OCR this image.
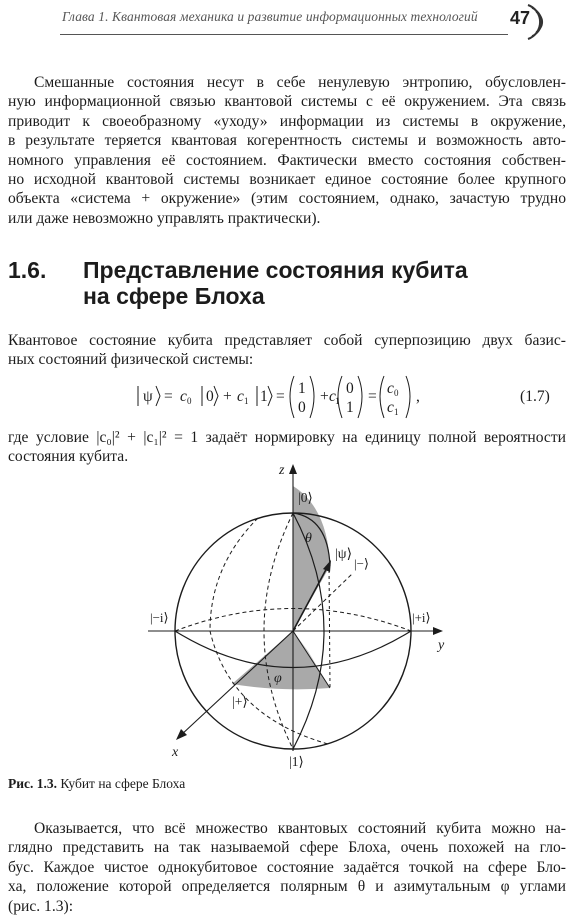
Глава 1. Квантовая механика и развитие информационных технологий	47
Смешанные состояния несут в себе ненулевую энтропию, обусловлен-
ную информационной связью квантовой системы с её окружением. Эта связь
приводит к своеобразному «уходу» информации из системы в окружение,
в результате теряется квантовая когерентность системы и возможность авто-
номного управления её состоянием. Фактически вместо состояния собствен-
но исходной квантовой системы возникает единое состояние более крупного
объекта «система + окружение» (этим состоянием, однако, зачастую трудно
или даже невозможно управлять практически).
1.6. Представление состояния кубита
на сфере Блоха
Квантовое состояние кубита представляет собой суперпозицию двух базис-
ных состояний физической системы:
ψ = c 0 0 + c 1 1 = 1
0
+ c 1
0
1
= c 0
c 1
,	(1.7)
где условие |c₀|² + |c₁|² = 1 задаёт нормировку на единицу полной вероятности
состояния кубита.
z
y
x
|0⟩
|1⟩
|+⟩
|−⟩
|+i⟩
|−i⟩
|ψ⟩
θ
φ
Рис. 1.3. Кубит на сфере Блоха
Оказывается, что всё множество квантовых состояний кубита можно на-
глядно представить на так называемой сфере Блоха, очень похожей на гло-
бус. Каждое чистое однокубитовое состояние задаётся точкой на сфере Бло-
ха, положение которой определяется полярным θ и азимутальным φ углами
(рис. 1.3):
